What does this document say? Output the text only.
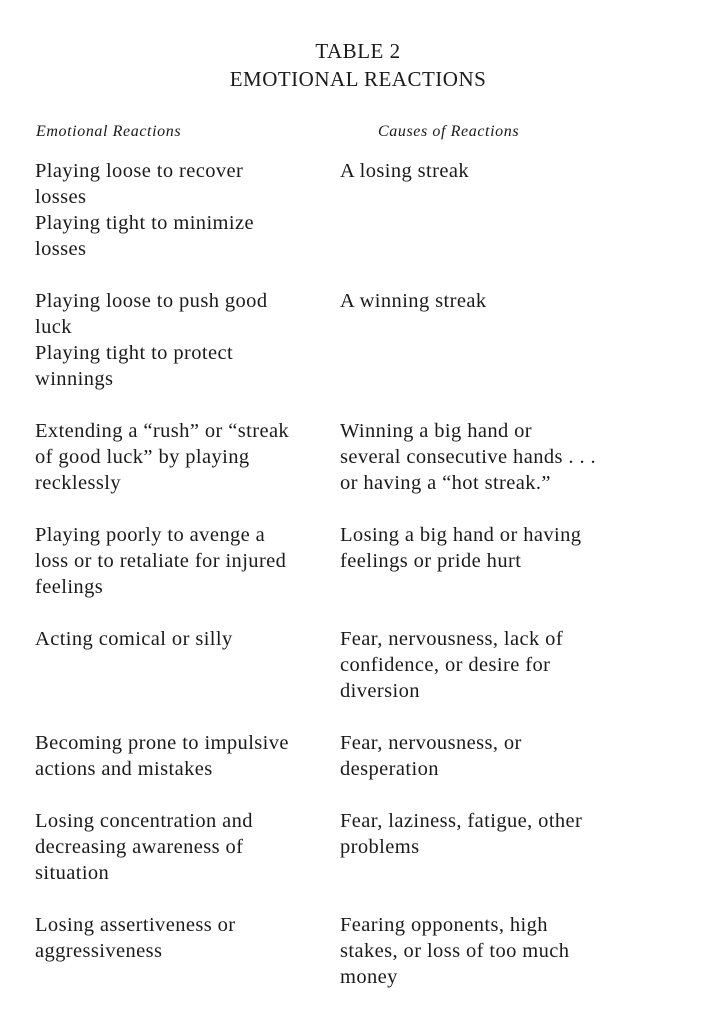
TABLE 2
EMOTIONAL REACTIONS
Emotional Reactions	Causes of Reactions
Playing loose to recover
losses
Playing tight to minimize
losses
A losing streak
Playing loose to push good
luck
Playing tight to protect
winnings
A winning streak
Extending a “rush” or “streak
of good luck” by playing
recklessly
Winning a big hand or
several consecutive hands . . .
or having a “hot streak.”
Playing poorly to avenge a
loss or to retaliate for injured
feelings
Losing a big hand or having
feelings or pride hurt
Acting comical or silly	Fear, nervousness, lack of
confidence, or desire for
diversion
Becoming prone to impulsive
actions and mistakes
Fear, nervousness, or
desperation
Losing concentration and
decreasing awareness of
situation
Fear, laziness, fatigue, other
problems
Losing assertiveness or
aggressiveness
Fearing opponents, high
stakes, or loss of too much
money
